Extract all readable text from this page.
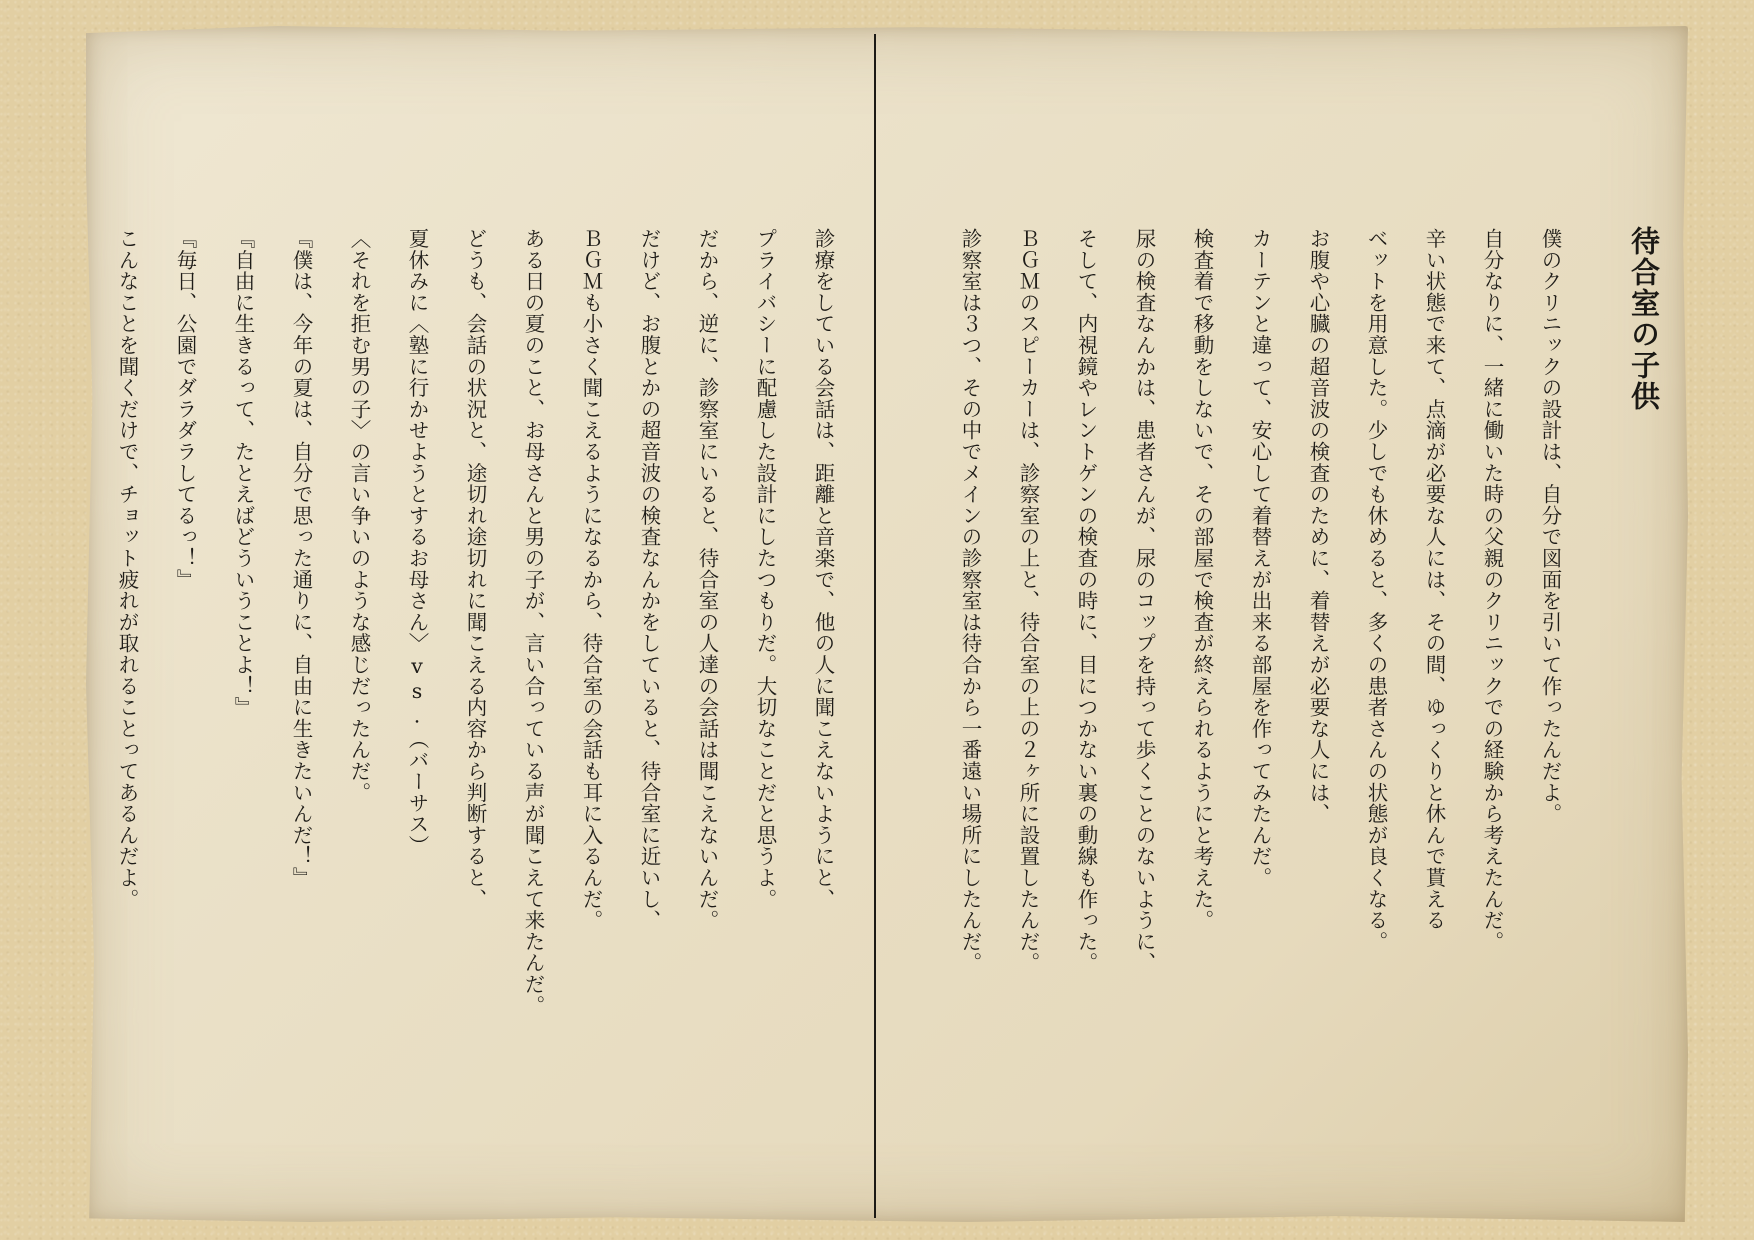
待合室の子供
僕のクリニックの設計は、自分で図面を引いて作ったんだよ。
自分なりに、一緒に働いた時の父親のクリニックでの経験から考えたんだ。
辛い状態で来て、点滴が必要な人には、その間、ゆっくりと休んで貰える
ベットを用意した。少しでも休めると、多くの患者さんの状態が良くなる。
お腹や心臓の超音波の検査のために、着替えが必要な人には、
カーテンと違って、安心して着替えが出来る部屋を作ってみたんだ。
検査着で移動をしないで、その部屋で検査が終えられるようにと考えた。
尿の検査なんかは、患者さんが、尿のコップを持って歩くことのないように、
そして、内視鏡やレントゲンの検査の時に、目につかない裏の動線も作った。
ＢＧＭのスピーカーは、診察室の上と、待合室の上の２ヶ所に設置したんだ。
診察室は３つ、その中でメインの診察室は待合から一番遠い場所にしたんだ。
診療をしている会話は、距離と音楽で、他の人に聞こえないようにと、
プライバシーに配慮した設計にしたつもりだ。大切なことだと思うよ。
だから、逆に、診察室にいると、待合室の人達の会話は聞こえないんだ。
だけど、お腹とかの超音波の検査なんかをしていると、待合室に近いし、
ＢＧＭも小さく聞こえるようになるから、待合室の会話も耳に入るんだ。
ある日の夏のこと、お母さんと男の子が、言い合っている声が聞こえて来たんだ。
どうも、会話の状況と、途切れ途切れに聞こえる内容から判断すると、
夏休みに〈塾に行かせようとするお母さん〉vs.（バーサス）
〈それを拒む男の子〉の言い争いのような感じだったんだ。
『僕は、今年の夏は、自分で思った通りに、自由に生きたいんだ！』
『自由に生きるって、たとえばどういうことよ！』
『毎日、公園でダラダラしてるっ！』
こんなことを聞くだけで、チョット疲れが取れることってあるんだよ。
